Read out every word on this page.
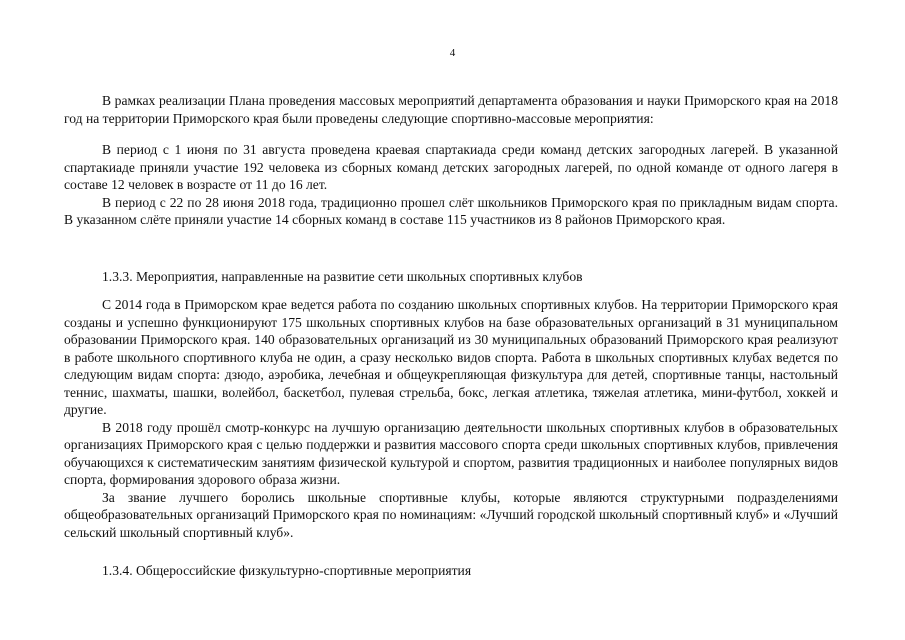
4

В рамках реализации Плана проведения массовых мероприятий департамента образования и науки Приморского края на 2018 год на территории Приморского края были проведены следующие спортивно-массовые мероприятия:

В период с 1 июня по 31 августа проведена краевая спартакиада среди команд детских загородных лагерей. В указанной спартакиаде приняли участие 192 человека из сборных команд детских загородных лагерей, по одной команде от одного лагеря в составе 12 человек в возрасте от 11 до 16 лет.

В период с 22 по 28 июня 2018 года, традиционно прошел слёт школьников Приморского края по прикладным видам спорта. В указанном слёте приняли участие 14 сборных команд в составе 115 участников из 8 районов Приморского края.

1.3.3. Мероприятия, направленные на развитие сети школьных спортивных клубов

С 2014 года в Приморском крае ведется работа по созданию школьных спортивных клубов. На территории Приморского края созданы и успешно функционируют 175 школьных спортивных клубов на базе образовательных организаций в 31 муниципальном образовании Приморского края. 140 образовательных организаций из 30 муниципальных образований Приморского края реализуют в работе школьного спортивного клуба не один, а сразу несколько видов спорта. Работа в школьных спортивных клубах ведется по следующим видам спорта: дзюдо, аэробика, лечебная и общеукрепляющая физкультура для детей, спортивные танцы, настольный теннис, шахматы, шашки, волейбол, баскетбол, пулевая стрельба, бокс, легкая атлетика, тяжелая атлетика, мини-футбол, хоккей и другие.

В 2018 году прошёл смотр-конкурс на лучшую организацию деятельности школьных спортивных клубов в образовательных организациях Приморского края с целью поддержки и развития массового спорта среди школьных спортивных клубов, привлечения обучающихся к систематическим занятиям физической культурой и спортом, развития традиционных и наиболее популярных видов спорта, формирования здорового образа жизни.

За звание лучшего боролись школьные спортивные клубы, которые являются структурными подразделениями общеобразовательных организаций Приморского края по номинациям: «Лучший городской школьный спортивный клуб» и «Лучший сельский школьный спортивный клуб».

1.3.4. Общероссийские физкультурно-спортивные мероприятия
